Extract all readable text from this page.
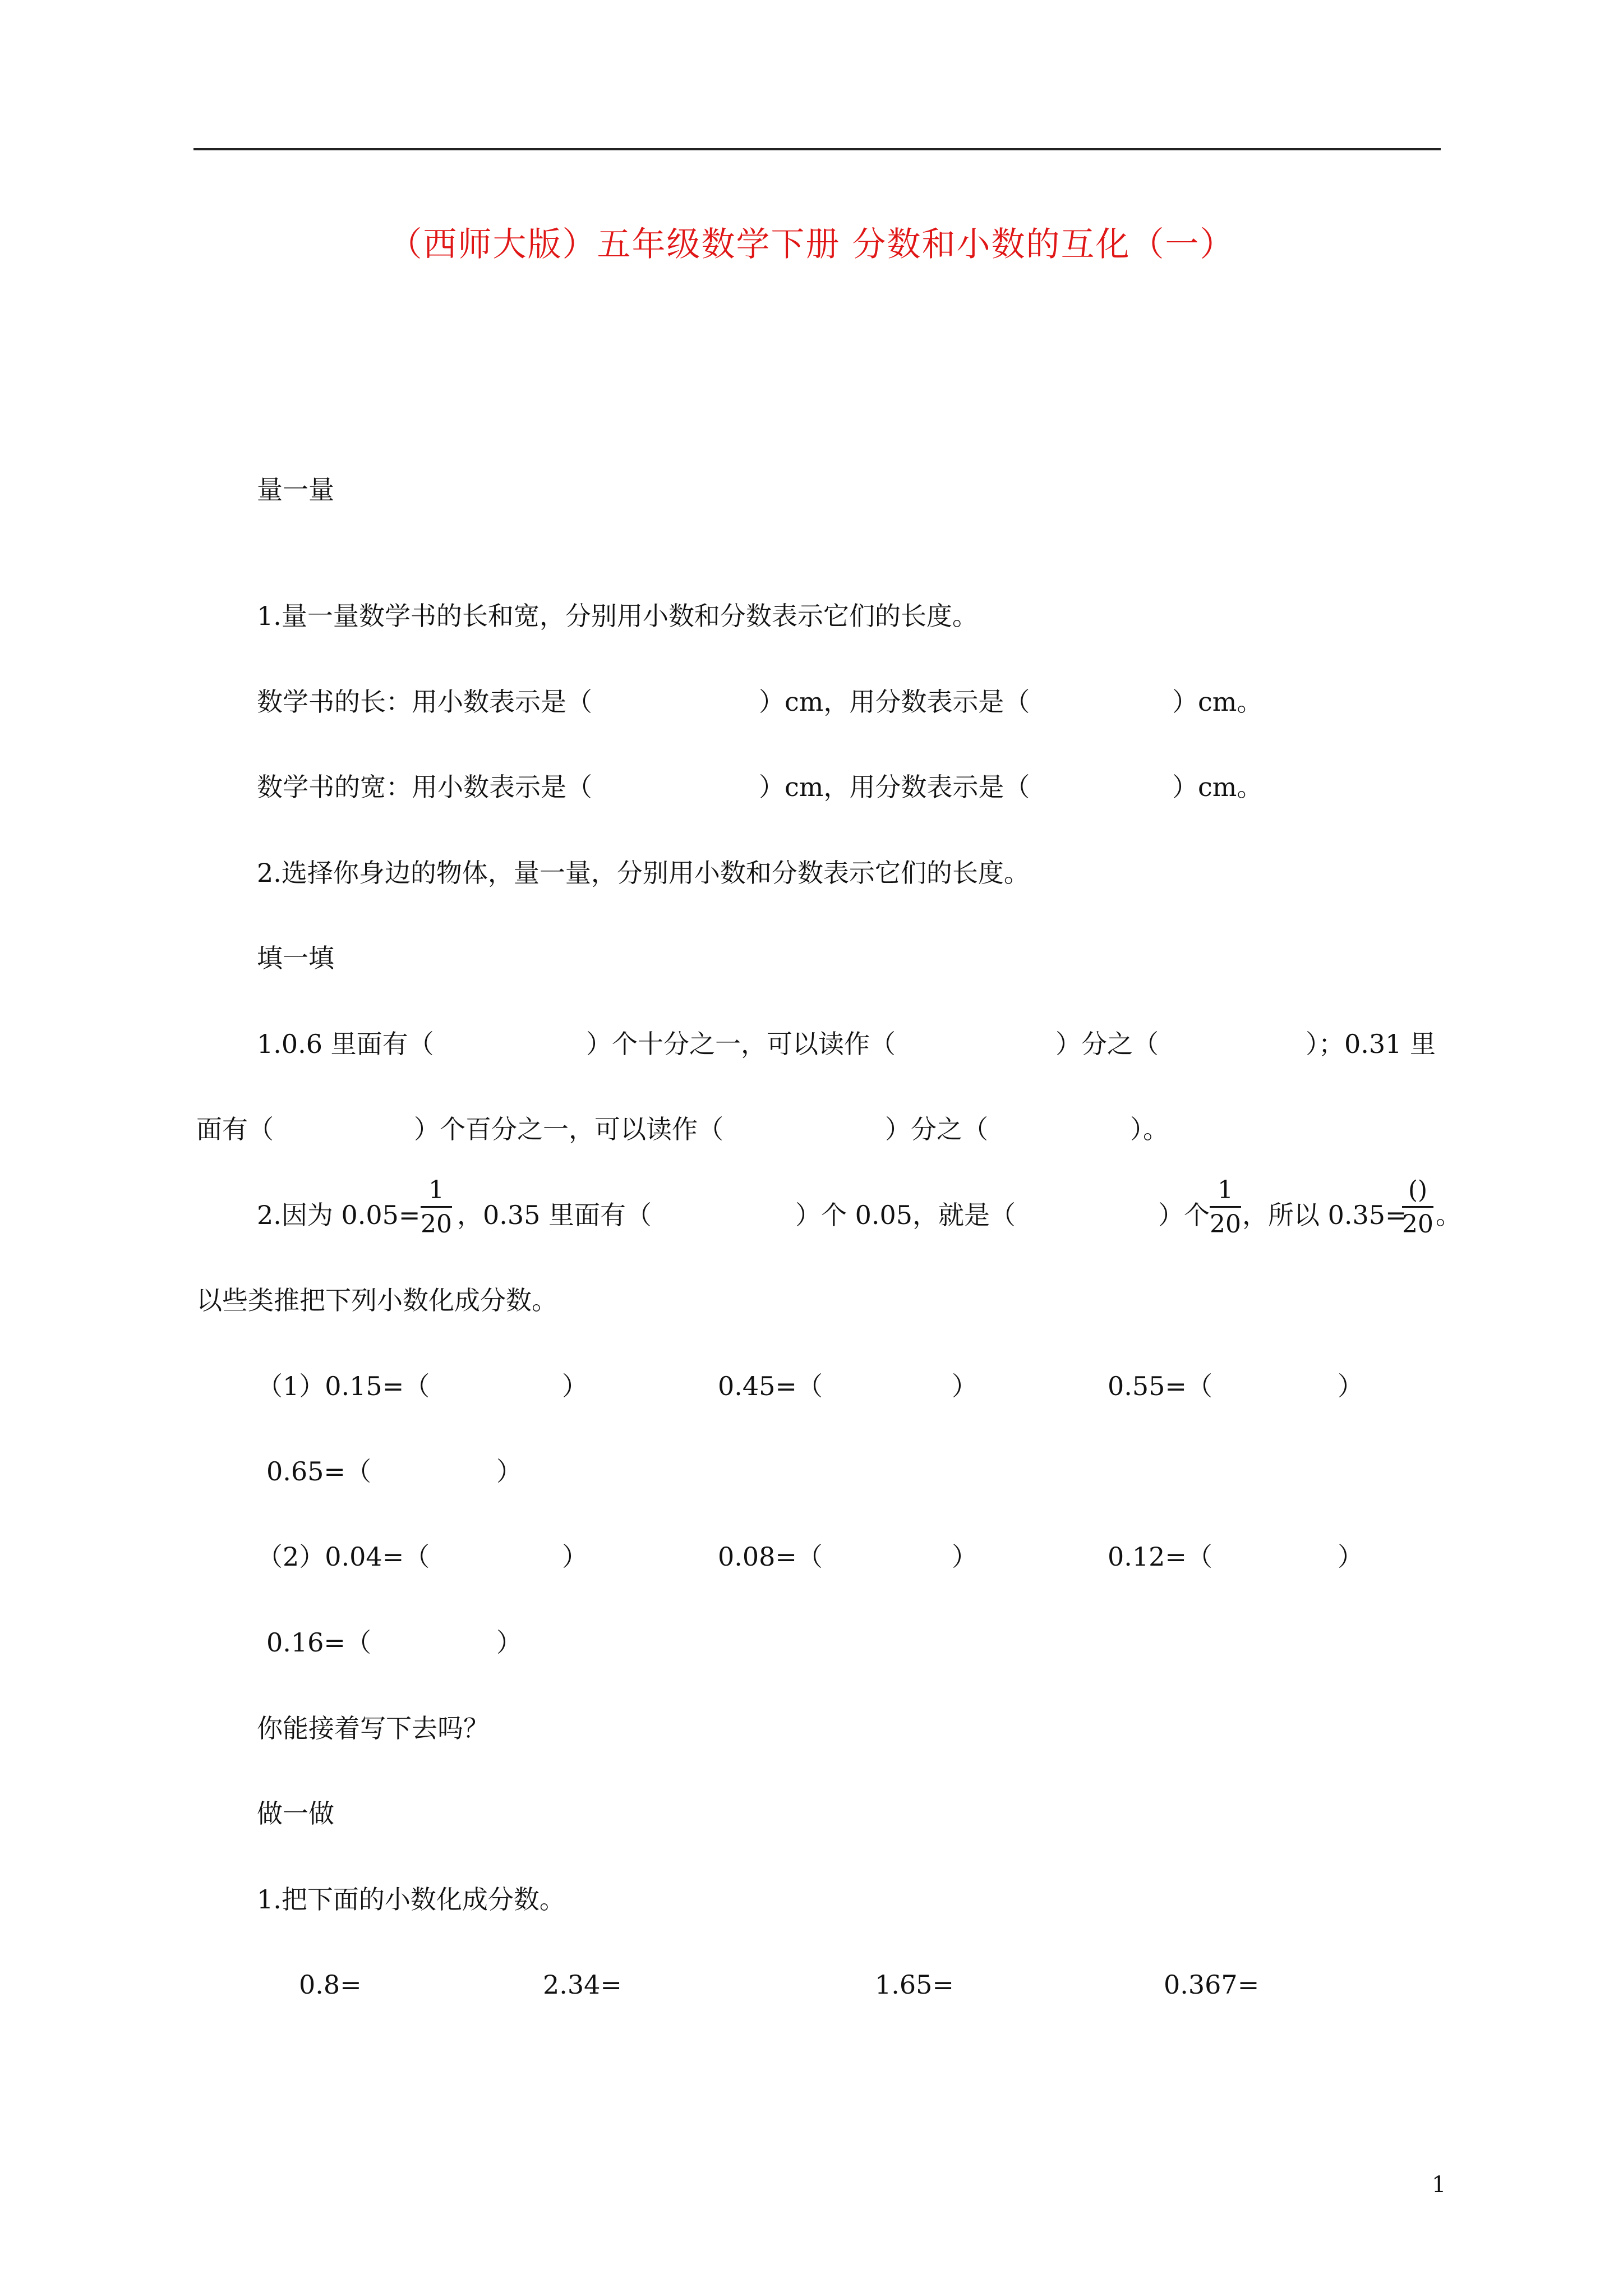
（西师大版）五年级数学下册 分数和小数的互化（一）
量一量
1.量一量数学书的长和宽，分别用小数和分数表示它们的长度。
数学书的长：用小数表示是（	）cm，用分数表示是（	）cm。
数学书的宽：用小数表示是（	）cm，用分数表示是（	）cm。
2.选择你身边的物体，量一量，分别用小数和分数表示它们的长度。
填一填
1.0.6 里面有（	）个十分之一，可以读作（	）分之（	）；0.31 里
面有（	）个百分之一，可以读作（	）分之（	）。
2.因为 0.05=
1
20 ，0.35 里面有（	）个 0.05，就是（	）个
1
20 ，所以 0.35=
()
20 。
以些类推把下列小数化成分数。
（1）0.15=（	）	0.45=（	）	0.55=（	）
0.65=（	）
（2）0.04=（	）	0.08=（	）	0.12=（	）
0.16=（	）
你能接着写下去吗？
做一做
1.把下面的小数化成分数。
0.8=	2.34=	1.65=	0.367=
1
